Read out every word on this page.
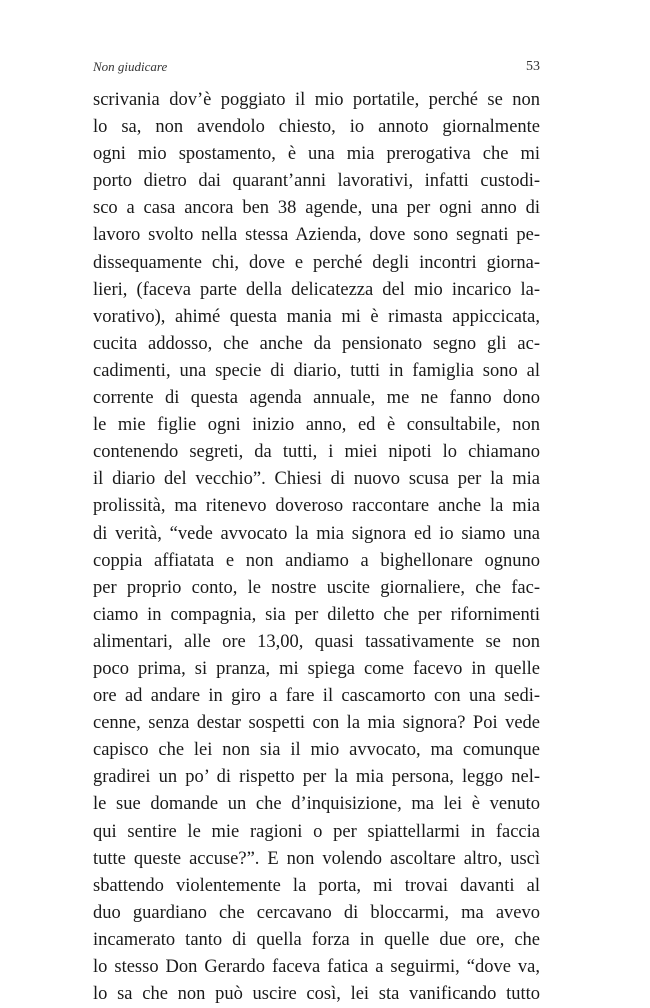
Non giudicare	53
scrivania dov’è poggiato il mio portatile, perché se non
lo sa, non avendolo chiesto, io annoto giornalmente
ogni mio spostamento, è una mia prerogativa che mi
porto dietro dai quarant’anni lavorativi, infatti custodi-
sco a casa ancora ben 38 agende, una per ogni anno di
lavoro svolto nella stessa Azienda, dove sono segnati pe-
dissequamente chi, dove e perché degli incontri giorna-
lieri, (faceva parte della delicatezza del mio incarico la-
vorativo), ahimé questa mania mi è rimasta appiccicata,
cucita addosso, che anche da pensionato segno gli ac-
cadimenti, una specie di diario, tutti in famiglia sono al
corrente di questa agenda annuale, me ne fanno dono
le mie figlie ogni inizio anno, ed è consultabile, non
contenendo segreti, da tutti, i miei nipoti lo chiamano
il diario del vecchio”. Chiesi di nuovo scusa per la mia
prolissità, ma ritenevo doveroso raccontare anche la mia
di verità, “vede avvocato la mia signora ed io siamo una
coppia affiatata e non andiamo a bighellonare ognuno
per proprio conto, le nostre uscite giornaliere, che fac-
ciamo in compagnia, sia per diletto che per rifornimenti
alimentari, alle ore 13,00, quasi tassativamente se non
poco prima, si pranza, mi spiega come facevo in quelle
ore ad andare in giro a fare il cascamorto con una sedi-
cenne, senza destar sospetti con la mia signora? Poi vede
capisco che lei non sia il mio avvocato, ma comunque
gradirei un po’ di rispetto per la mia persona, leggo nel-
le sue domande un che d’inquisizione, ma lei è venuto
qui sentire le mie ragioni o per spiattellarmi in faccia
tutte queste accuse?”. E non volendo ascoltare altro, uscì
sbattendo violentemente la porta, mi trovai davanti al
duo guardiano che cercavano di bloccarmi, ma avevo
incamerato tanto di quella forza in quelle due ore, che
lo stesso Don Gerardo faceva fatica a seguirmi, “dove va,
lo sa che non può uscire così, lei sta vanificando tutto
